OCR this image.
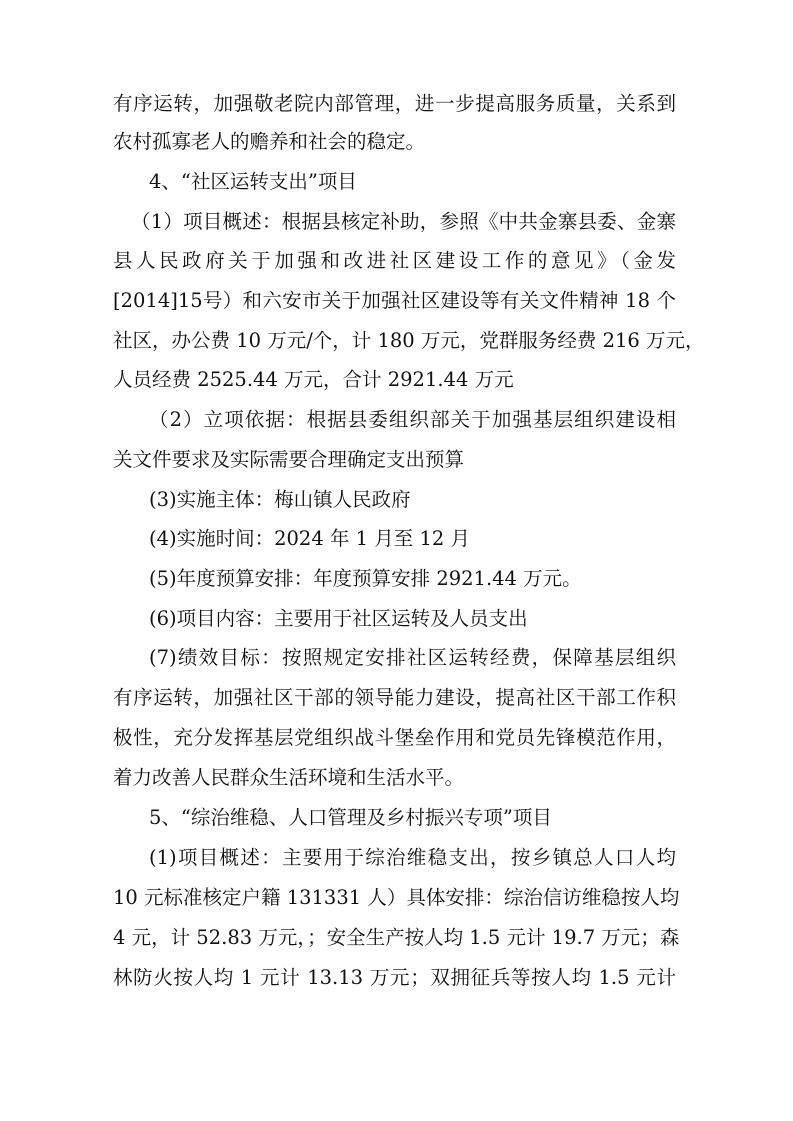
有序运转，加强敬老院内部管理，进一步提高服务质量，关系到
农村孤寡老人的赡养和社会的稳定。
4、“社区运转支出”项目
（1）项目概述：根据县核定补助，参照《中共金寨县委、金寨
县人民政府关于加强和改进社区建设工作的意见》（金发
[2014]15号）和六安市关于加强社区建设等有关文件精神 18 个
社区，办公费 10 万元/个，计 180 万元，党群服务经费 216 万元，
人员经费 2525.44 万元，合计 2921.44 万元
（2）立项依据：根据县委组织部关于加强基层组织建设相
关文件要求及实际需要合理确定支出预算
(3)实施主体：梅山镇人民政府
(4)实施时间：2024 年 1 月至 12 月
(5)年度预算安排：年度预算安排 2921.44 万元。
(6)项目内容：主要用于社区运转及人员支出
(7)绩效目标：按照规定安排社区运转经费，保障基层组织
有序运转，加强社区干部的领导能力建设，提高社区干部工作积
极性，充分发挥基层党组织战斗堡垒作用和党员先锋模范作用，
着力改善人民群众生活环境和生活水平。
5、“综治维稳、人口管理及乡村振兴专项”项目
(1)项目概述：主要用于综治维稳支出，按乡镇总人口人均
10 元标准核定户籍 131331 人）具体安排：综治信访维稳按人均
4 元，计 52.83 万元，；安全生产按人均 1.5 元计 19.7 万元；森
林防火按人均 1 元计 13.13 万元；双拥征兵等按人均 1.5 元计
